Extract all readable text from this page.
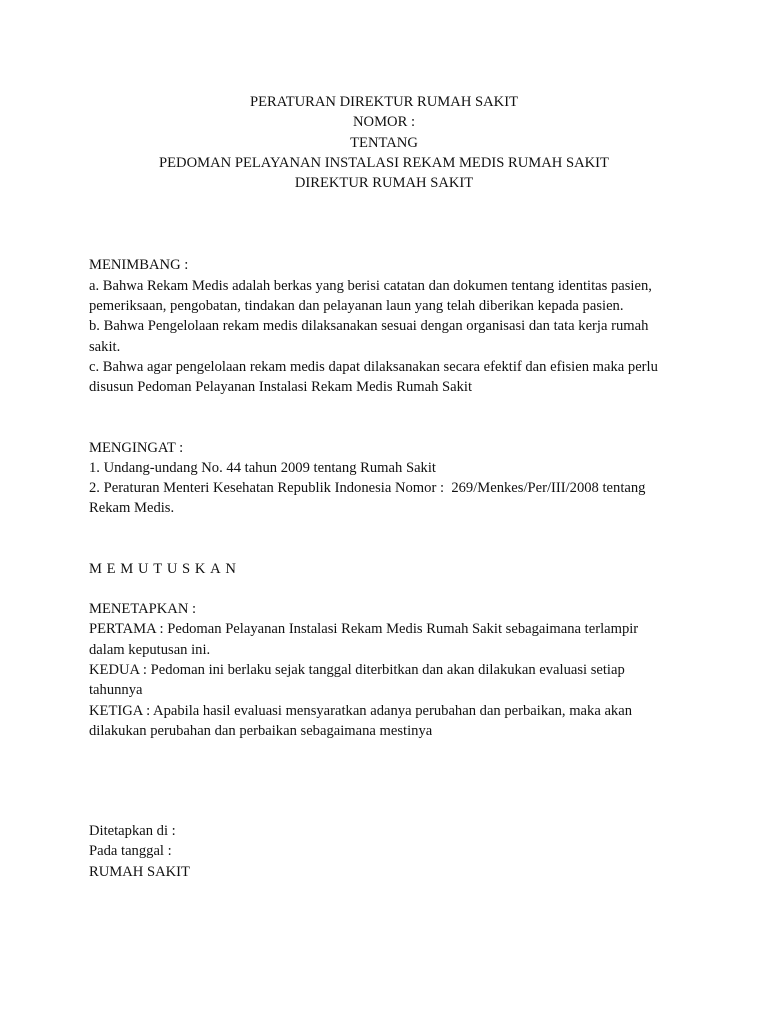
PERATURAN DIREKTUR RUMAH SAKIT

NOMOR :

TENTANG

PEDOMAN PELAYANAN INSTALASI REKAM MEDIS RUMAH SAKIT

DIREKTUR RUMAH SAKIT

MENIMBANG :

a. Bahwa Rekam Medis adalah berkas yang berisi catatan dan dokumen tentang identitas pasien,

pemeriksaan, pengobatan, tindakan dan pelayanan laun yang telah diberikan kepada pasien.

b. Bahwa Pengelolaan rekam medis dilaksanakan sesuai dengan organisasi dan tata kerja rumah

sakit.

c. Bahwa agar pengelolaan rekam medis dapat dilaksanakan secara efektif dan efisien maka perlu

disusun Pedoman Pelayanan Instalasi Rekam Medis Rumah Sakit

MENGINGAT :

1. Undang-undang No. 44 tahun 2009 tentang Rumah Sakit

2. Peraturan Menteri Kesehatan Republik Indonesia Nomor :  269/Menkes/Per/III/2008 tentang

Rekam Medis.

MEMUTUSKAN

MENETAPKAN :

PERTAMA : Pedoman Pelayanan Instalasi Rekam Medis Rumah Sakit sebagaimana terlampir

dalam keputusan ini.

KEDUA : Pedoman ini berlaku sejak tanggal diterbitkan dan akan dilakukan evaluasi setiap

tahunnya

KETIGA : Apabila hasil evaluasi mensyaratkan adanya perubahan dan perbaikan, maka akan

dilakukan perubahan dan perbaikan sebagaimana mestinya

Ditetapkan di :

Pada tanggal :

RUMAH SAKIT
